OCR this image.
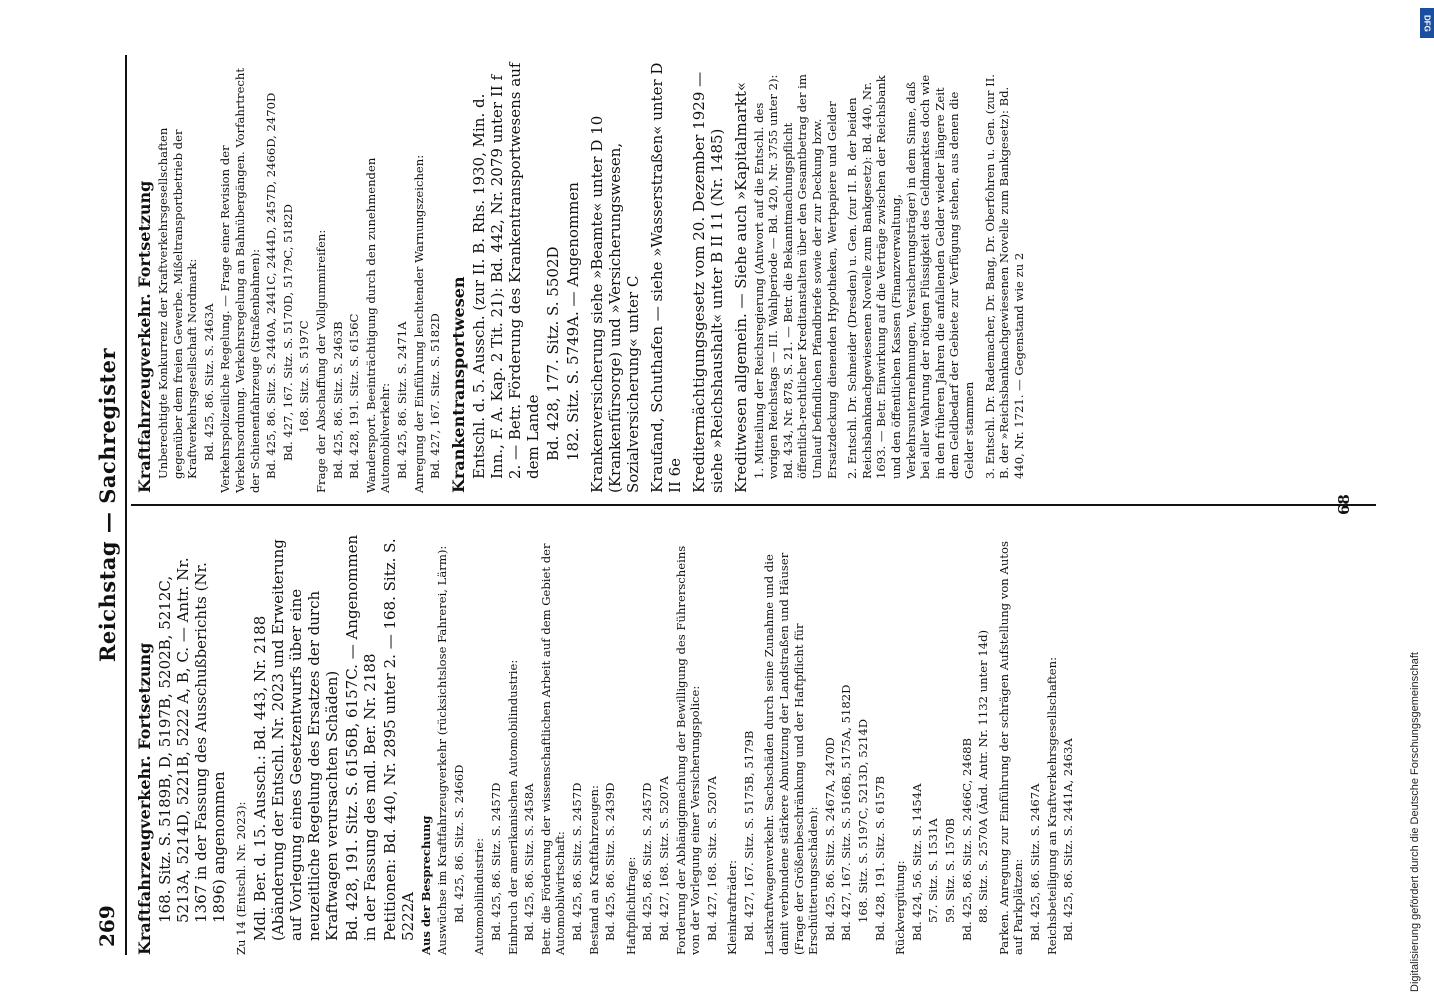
269
Reichstag — Sachregister
Kraftfahrzeugverkehr. Fortsetzung 168. Sitz. S. 5189B, D, 5197B, 5202B, 5212C, 5213A, 5214D, 5221B, 5222 A, B, C. — Antr. Nr. 1367 in der Fassung des Ausschußberichts (Nr. 1896) angenommen Zu 14 (Entschl. Nr. 2023): Mdl. Ber. d. 15. Aussch.: Bd. 443, Nr. 2188 (Abänderung der Entschl. Nr. 2023 und Erweiterung auf Vorlegung eines Gesetzentwurfs über eine neuzeitliche Regelung des Ersatzes der durch Kraftwagen verursachten Schäden) Bd. 428, 191. Sitz. S. 6156B, 6157C. — Angenommen in der Fassung des mdl. Ber. Nr. 2188 Petitionen: Bd. 440, Nr. 2895 unter 2. — 168. Sitz. S. 5222A Aus der Besprechung Auswüchse im Kraftfahrzeugverkehr (rücksichtslose Fahrerei, Lärm): Bd. 425, 86. Sitz. S. 2466D Automobilindustrie: Bd. 425, 86. Sitz. S. 2457D Einbruch der amerikanischen Automobilindustrie: Bd. 425, 86. Sitz. S. 2458A Betr. die Förderung der wissenschaftlichen Arbeit auf dem Gebiet der Automobilwirtschaft: Bd. 425, 86. Sitz. S. 2457D Bestand an Kraftfahrzeugen: Bd. 425, 86. Sitz. S. 2439D Haftpflichtfrage: Bd. 425, 86. Sitz. S. 2457D Bd. 427, 168. Sitz. S. 5207A Forderung der Abhängigmachung der Bewilligung des Führerscheins von der Vorlegung einer Versicherungspolice: Bd. 427, 168. Sitz. S. 5207A Kleinkrafträder: Bd. 427, 167. Sitz. S. 5175B, 5179B Lastkraftwagenverkehr. Sachschäden durch seine Zunahme und die damit verbundene stärkere Abnutzung der Landstraßen und Häuser (Frage der Größenbeschränkung und der Haftpflicht für Erschütterungsschäden): Bd. 425, 86. Sitz. S. 2467A, 2470D Bd. 427, 167. Sitz. S. 5166B, 5175A, 5182D 168. Sitz. S. 5197C, 5213D, 5214D Bd. 428, 191. Sitz. S. 6157B Rückvergütung: Bd. 424, 56. Sitz. S. 1454A 57. Sitz. S. 1531A 59. Sitz. S. 1570B Bd. 425, 86. Sitz. S. 2466C, 2468B 88. Sitz. S. 2570A (Änd. Antr. Nr. 1132 unter 14d) Parken. Anregung zur Einführung der schrägen Aufstellung von Autos auf Parkplätzen: Bd. 425, 86. Sitz. S. 2467A Reichsbeteiligung an Kraftverkehrsgesellschaften: Bd. 425, 86. Sitz. S. 2441A, 2463A
Kraftfahrzeugverkehr. Fortsetzung Unberechtigte Konkurrenz der Kraftverkehrsgesellschaften gegenüber dem freien Gewerbe. Mißeltransportbetrieb der Kraftverkehrsgesellschaft Nordmark: Bd. 425, 86. Sitz. S. 2463A Verkehrspolizeiliche Regelung. — Frage einer Revision der Verkehrsordnung. Verkehrsregelung an Bahnübergängen. Vorfahrtrecht der Schienenfahrzeuge (Straßenbahnen): Bd. 425, 86. Sitz. S. 2440A, 2441C, 2444D, 2457D, 2466D, 2470D Bd. 427, 167. Sitz. S. 5170D, 5179C, 5182D 168. Sitz. S. 5197C Frage der Abschaffung der Vollgummireifen: Bd. 425, 86. Sitz. S. 2463B Bd. 428, 191. Sitz. S. 6156C Wandersport. Beeinträchtigung durch den zunehmenden Automobilverkehr: Bd. 425, 86. Sitz. S. 2471A Anregung der Einführung leuchtender Warnungszeichen: Bd. 427, 167. Sitz. S. 5182D Krankentransportwesen Entschl. d. 5. Aussch. (zur II. B. Rhs. 1930, Min. d. Inn., F. A. Kap. 2 Tit. 21): Bd. 442, Nr. 2079 unter II f 2. — Betr. Förderung des Krankentransportwesens auf dem Lande Bd. 428, 177. Sitz. S. 5502D 182. Sitz. S. 5749A. — Angenommen Krankenversicherung siehe »Beamte« unter D 10 (Krankenfürsorge) und »Versicherungswesen, Sozialversicherung« unter C Kraufand, Schuthafen — siehe »Wasserstraßen« unter D II 6e Kreditermächtigungsgesetz vom 20. Dezember 1929 — siehe »Reichshaushalt« unter B II 11 (Nr. 1485) Kreditwesen allgemein. — Siehe auch »Kapitalmarkt« 1. Mitteilung der Reichsregierung (Antwort auf die Entschl. des vorigen Reichstags — III. Wahlperiode — Bd. 420, Nr. 3755 unter 2): Bd. 434, Nr. 878, S. 21. — Betr. die Bekanntmachungspflicht öffentlich-rechtlicher Kreditanstalten über den Gesamtbetrag der im Umlauf befindlichen Pfandbriefe sowie der zur Deckung bzw. Ersatzdeckung dienenden Hypotheken, Wertpapiere und Gelder 2. Entschl. Dr. Schneider (Dresden) u. Gen. (zur II. B. der beiden Reichsbanknachgewiesenen Novelle zum Bankgesetz): Bd. 440, Nr. 1693. — Betr. Einwirkung auf die Verträge zwischen der Reichsbank und den öffentlichen Kassen (Finanzverwaltung, Verkehrsunternehmungen, Versicherungsträger) in dem Sinne, daß bei aller Wahrung der nötigen Flüssigkeit des Geldmarktes doch wie in den früheren Jahren die anfallenden Gelder wieder längere Zeit dem Geldbedarf der Gebiete zur Verfügung stehen, aus denen die Gelder stammen 3. Entschl. Dr. Rademacher, Dr. Bang, Dr. Oberfohren u. Gen. (zur II. B. der »Reichsbanknachgewiesenen Novelle zum Bankgesetz): Bd. 440, Nr. 1721. — Gegenstand wie zu 2
68
Digitalisierung gefördert durch die Deutsche Forschungsgemeinschaft
DFG
